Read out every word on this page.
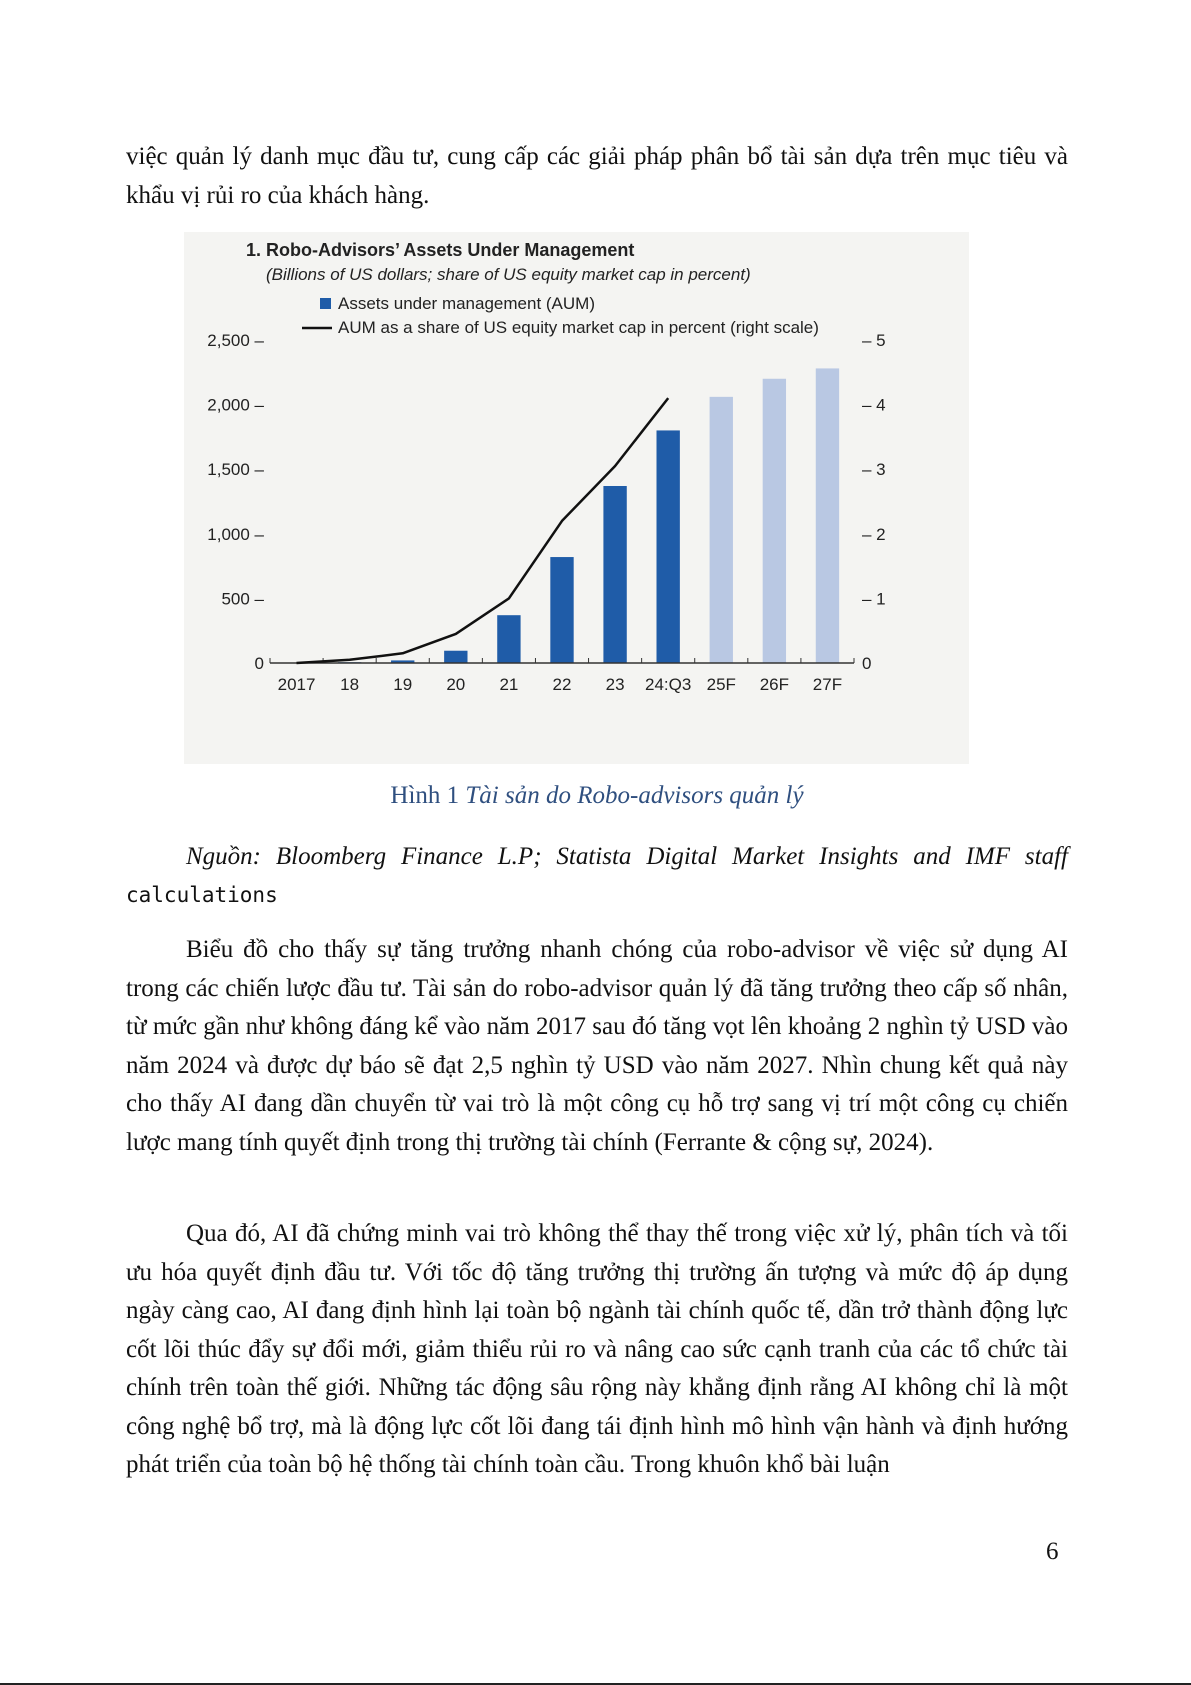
việc quản lý danh mục đầu tư, cung cấp các giải pháp phân bổ tài sản dựa trên mục tiêu và khẩu vị rủi ro của khách hàng.

1. Robo-Advisors’ Assets Under Management
(Billions of US dollars; share of US equity market cap in percent)
Assets under management (AUM)
AUM as a share of US equity market cap in percent (right scale)
0
500 –
1,000 –
1,500 –
2,000 –
2,500 –
0
– 1
– 2
– 3
– 4
– 5
2017 18 19 20 21 22 23 24:Q3 25F 26F 27F
Hình 1 Tài sản do Robo-advisors quản lý

Nguồn: Bloomberg Finance L.P; Statista Digital Market Insights and IMF staff calculations

Biểu đồ cho thấy sự tăng trưởng nhanh chóng của robo-advisor về việc sử dụng AI trong các chiến lược đầu tư. Tài sản do robo-advisor quản lý đã tăng trưởng theo cấp số nhân, từ mức gần như không đáng kể vào năm 2017 sau đó tăng vọt lên khoảng 2 nghìn tỷ USD vào năm 2024 và được dự báo sẽ đạt 2,5 nghìn tỷ USD vào năm 2027. Nhìn chung kết quả này cho thấy AI đang dần chuyển từ vai trò là một công cụ hỗ trợ sang vị trí một công cụ chiến lược mang tính quyết định trong thị trường tài chính (Ferrante & cộng sự, 2024).

Qua đó, AI đã chứng minh vai trò không thể thay thế trong việc xử lý, phân tích và tối ưu hóa quyết định đầu tư. Với tốc độ tăng trưởng thị trường ấn tượng và mức độ áp dụng ngày càng cao, AI đang định hình lại toàn bộ ngành tài chính quốc tế, dần trở thành động lực cốt lõi thúc đẩy sự đổi mới, giảm thiểu rủi ro và nâng cao sức cạnh tranh của các tổ chức tài chính trên toàn thế giới. Những tác động sâu rộng này khẳng định rằng AI không chỉ là một công nghệ bổ trợ, mà là động lực cốt lõi đang tái định hình mô hình vận hành và định hướng phát triển của toàn bộ hệ thống tài chính toàn cầu. Trong khuôn khổ bài luận

6
